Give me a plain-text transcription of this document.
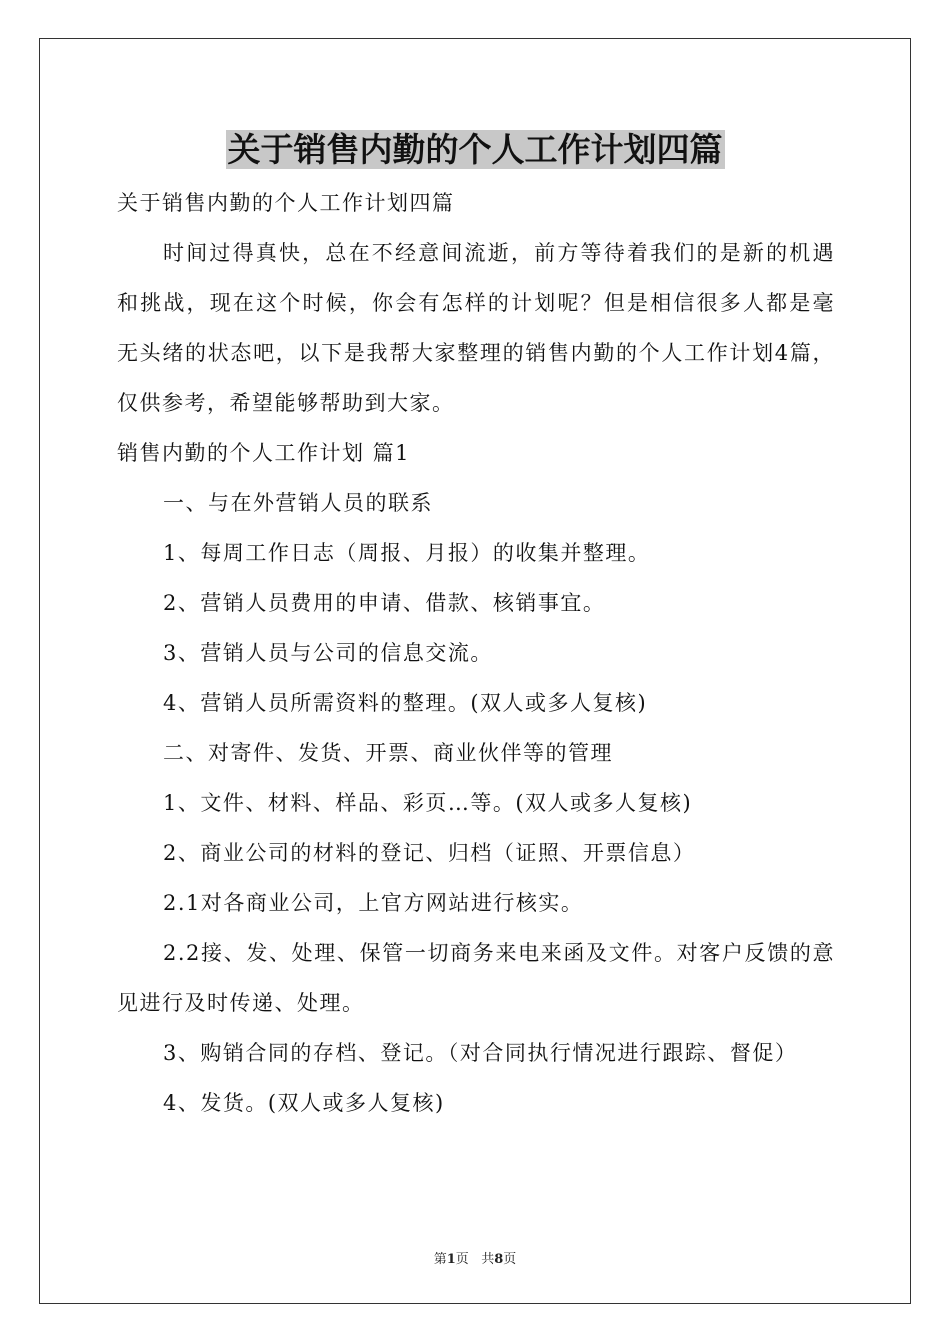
关于销售内勤的个人工作计划四篇
关于销售内勤的个人工作计划四篇

时间过得真快，总在不经意间流逝，前方等待着我们的是新的机遇和挑战，现在这个时候，你会有怎样的计划呢？但是相信很多人都是毫无头绪的状态吧，以下是我帮大家整理的销售内勤的个人工作计划4篇，仅供参考，希望能够帮助到大家。

销售内勤的个人工作计划 篇1
一、与在外营销人员的联系
1、每周工作日志（周报、月报）的收集并整理。
2、营销人员费用的申请、借款、核销事宜。
3、营销人员与公司的信息交流。
4、营销人员所需资料的整理。(双人或多人复核)
二、对寄件、发货、开票、商业伙伴等的管理
1、文件、材料、样品、彩页…等。(双人或多人复核)
2、商业公司的材料的登记、归档（证照、开票信息）
2.1对各商业公司，上官方网站进行核实。

2.2接、发、处理、保管一切商务来电来函及文件。对客户反馈的意见进行及时传递、处理。

3、购销合同的存档、登记。（对合同执行情况进行跟踪、督促）

4、发货。(双人或多人复核)
第1页   共8页
